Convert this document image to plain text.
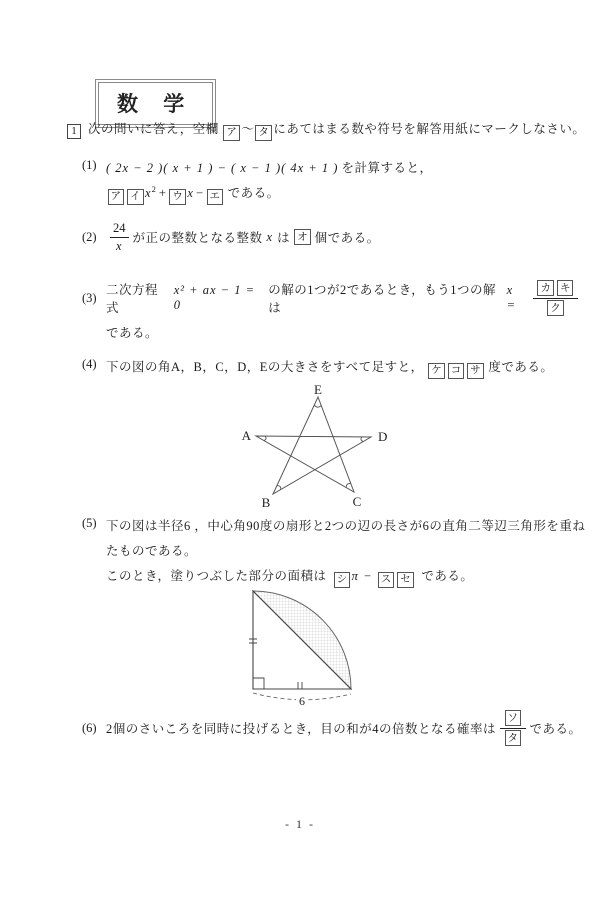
数 学
1 次の問いに答え，空欄 ア ～ タ にあてはまる数や符号を解答用紙にマークしなさい。
(1) ( 2x − 2 )( x + 1 ) − ( x − 1 )( 4x + 1 ) を計算すると，
ア イ $x^2$ + ウ x − エ である。
(2)	$\frac{24}{x}$ が正の整数となる整数 x は オ 個である。
(3)
二次方程式
x² + ax − 1 = 0
の解の1つが2であるとき，もう1つの解は
x =	$\frac{\text{カ キ}}{\text{ク}}$
である。
(4) 下の図の角A，B，C，D，Eの大きさをすべて足すと， ケ コ サ 度である。
E
A	D
B	C
(5) 下の図は半径6 ，中心角90度の扇形と2つの辺の長さが6の直角二等辺三角形を重ね
たものである。
このとき，塗りつぶした部分の面積は シ π − ス セ である。
6
(6) 2個のさいころを同時に投げるとき，目の和が4の倍数となる確率は $\frac{\text{ソ}}{\text{タ}}$ である。
- 1 -
